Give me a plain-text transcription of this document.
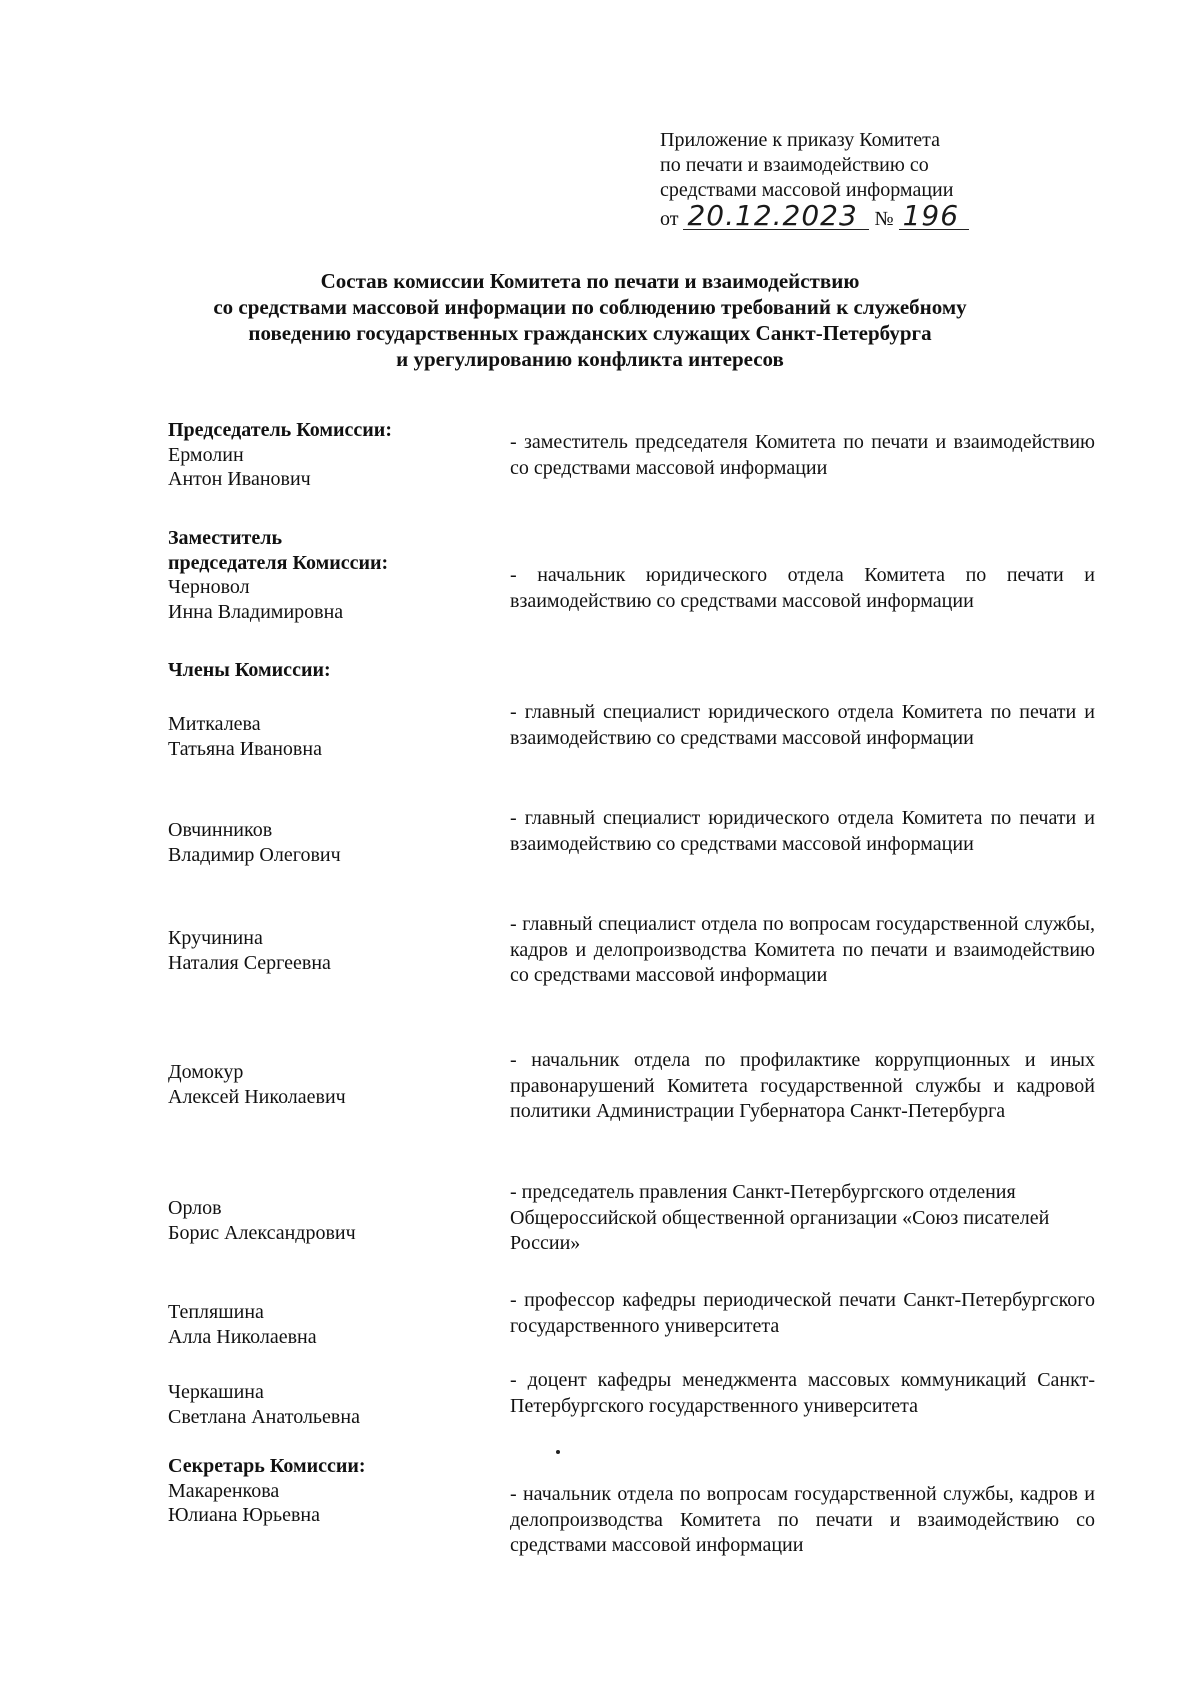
Приложение к приказу Комитета
по печати и взаимодействию со
средствами массовой информации
от 20.12.2023 № 196
Состав комиссии Комитета по печати и взаимодействию
со средствами массовой информации по соблюдению требований к служебному
поведению государственных гражданских служащих Санкт-Петербурга
и урегулированию конфликта интересов
Председатель Комиссии:
Ермолин
Антон Иванович
- заместитель председателя Комитета по печати и взаимодействию со средствами массовой информации
Заместитель
председателя Комиссии:
Черновол
Инна Владимировна
- начальник юридического отдела Комитета по печати и взаимодействию со средствами массовой информации
Члены Комиссии:
Миткалева
Татьяна Ивановна
- главный специалист юридического отдела Комитета по печати и взаимодействию со средствами массовой информации
Овчинников
Владимир Олегович
- главный специалист юридического отдела Комитета по печати и взаимодействию со средствами массовой информации
Кручинина
Наталия Сергеевна
- главный специалист отдела по вопросам государственной службы, кадров и делопроизводства Комитета по печати и взаимодействию со средствами массовой информации
Домокур
Алексей Николаевич
- начальник отдела по профилактике коррупционных и иных правонарушений Комитета государственной службы и кадровой политики Администрации Губернатора Санкт-Петербурга
Орлов
Борис Александрович
- председатель правления Санкт-Петербургского отделения Общероссийской общественной организации «Союз писателей России»
Тепляшина
Алла Николаевна
- профессор кафедры периодической печати Санкт-Петербургского государственного университета
Черкашина
Светлана Анатольевна
- доцент кафедры менеджмента массовых коммуникаций Санкт-Петербургского государственного университета
Секретарь Комиссии:
Макаренкова
Юлиана Юрьевна
- начальник отдела по вопросам государственной службы, кадров и делопроизводства Комитета по печати и взаимодействию со средствами массовой информации
